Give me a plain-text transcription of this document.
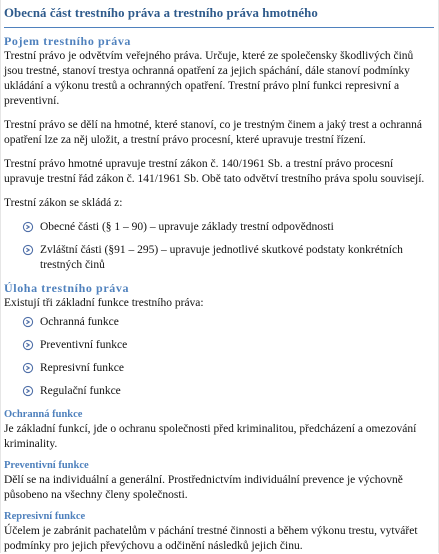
Obecná část trestního práva a trestního práva hmotného
Pojem trestního práva

Trestní právo je odvětvím veřejného práva. Určuje, které ze společensky škodlivých činů jsou trestné, stanoví trestya ochranná opatření za jejich spáchání, dále stanoví podmínky ukládání a výkonu trestů a ochranných opatření. Trestní právo plní funkci represivní a preventivní.

Trestní právo se dělí na hmotné, které stanoví, co je trestným činem a jaký trest a ochranná opatření lze za něj uložit, a trestní právo procesní, které upravuje trestní řízení.

Trestní právo hmotné upravuje trestní zákon č. 140/1961 Sb. a trestní právo procesní upravuje trestní řád zákon č. 141/1961 Sb. Obě tato odvětví trestního práva spolu souvisejí.

Trestní zákon se skládá z:

Obecné části (§ 1 – 90) – upravuje základy trestní odpovědnosti
Zvláštní části (§91 – 295) – upravuje jednotlivé skutkové podstaty konkrétních trestných činů
Úloha trestního práva

Existují tři základní funkce trestního práva:

Ochranná funkce
Preventivní funkce
Represivní funkce
Regulační funkce
Ochranná funkce

Je základní funkcí, jde o ochranu společnosti před kriminalitou, předcházení a omezování kriminality.

Preventivní funkce

Dělí se na individuální a generální. Prostřednictvím individuální prevence je výchovně působeno na všechny členy společnosti.

Represivní funkce

Účelem je zabránit pachatelům v páchání trestné činnosti a během výkonu trestu, vytvářet podmínky pro jejich převýchovu a odčinění následků jejich činu.
